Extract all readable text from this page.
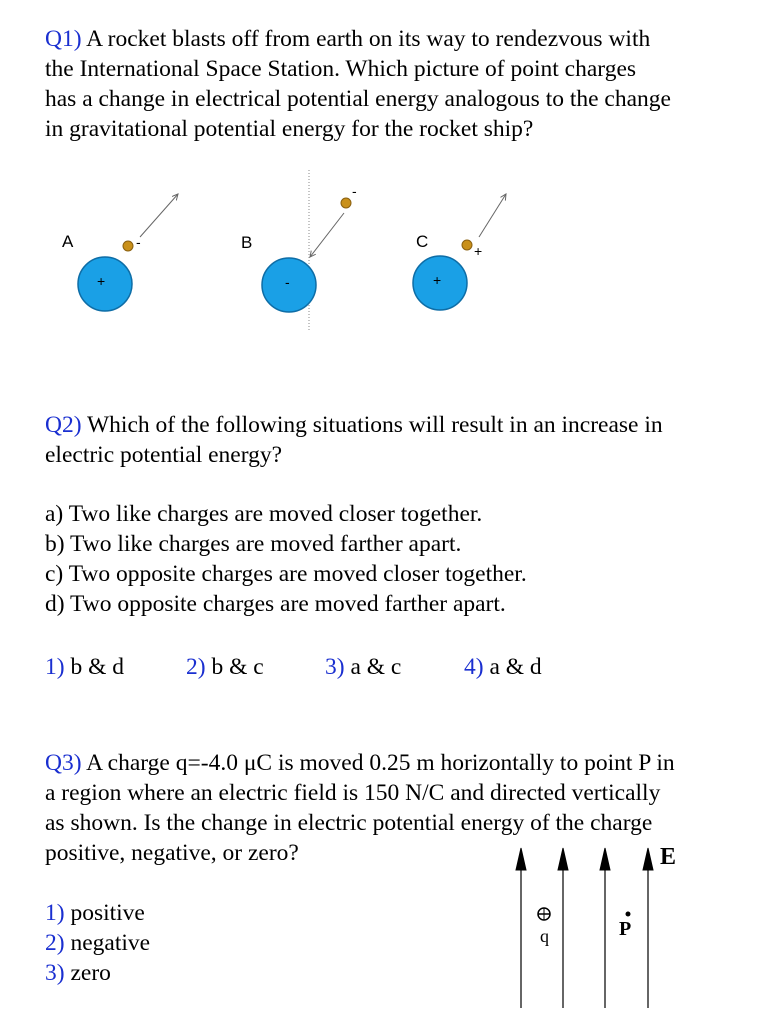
Q1) A rocket blasts off from earth on its way to rendezvous with
the International Space Station. Which picture of point charges
has a change in electrical potential energy analogous to the change
in gravitational potential energy for the rocket ship?
A	B	C
+	-	+
-
-
+
Q2) Which of the following situations will result in an increase in
electric potential energy?
a) Two like charges are moved closer together.
b) Two like charges are moved farther apart.
c) Two opposite charges are moved closer together.
d) Two opposite charges are moved farther apart.
1) b & d	2) b & c	3) a & c	4) a & d
Q3) A charge q=-4.0 μC is moved 0.25 m horizontally to point P in
a region where an electric field is 150 N/C and directed vertically
as shown. Is the change in electric potential energy of the charge
positive, negative, or zero?
1) positive
2) negative
3) zero
E
q	P
